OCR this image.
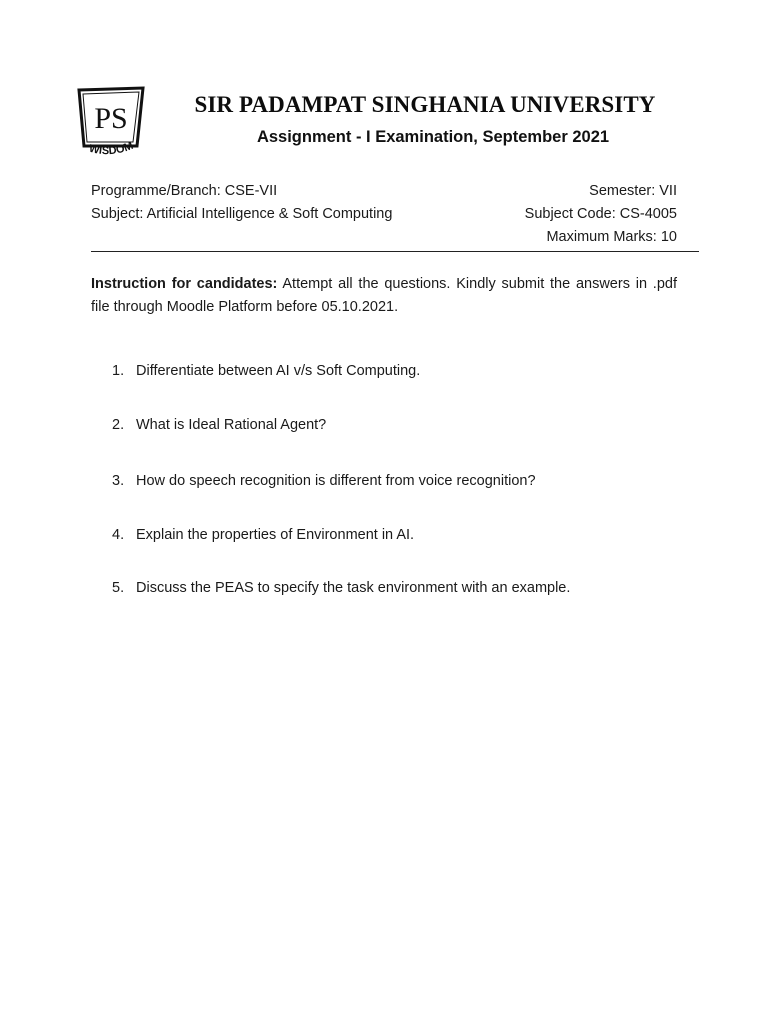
PS
WISDOM
SIR PADAMPAT SINGHANIA UNIVERSITY
Assignment - I Examination, September 2021
Programme/Branch: CSE-VII	Semester: VII
Subject: Artificial Intelligence & Soft Computing	Subject Code: CS-4005
Maximum Marks: 10
Instruction for candidates: Attempt all the questions. Kindly submit the answers in .pdf file through Moodle Platform before 05.10.2021.
1. Differentiate between AI v/s Soft Computing.
2. What is Ideal Rational Agent?
3. How do speech recognition is different from voice recognition?
4. Explain the properties of Environment in AI.
5. Discuss the PEAS to specify the task environment with an example.
